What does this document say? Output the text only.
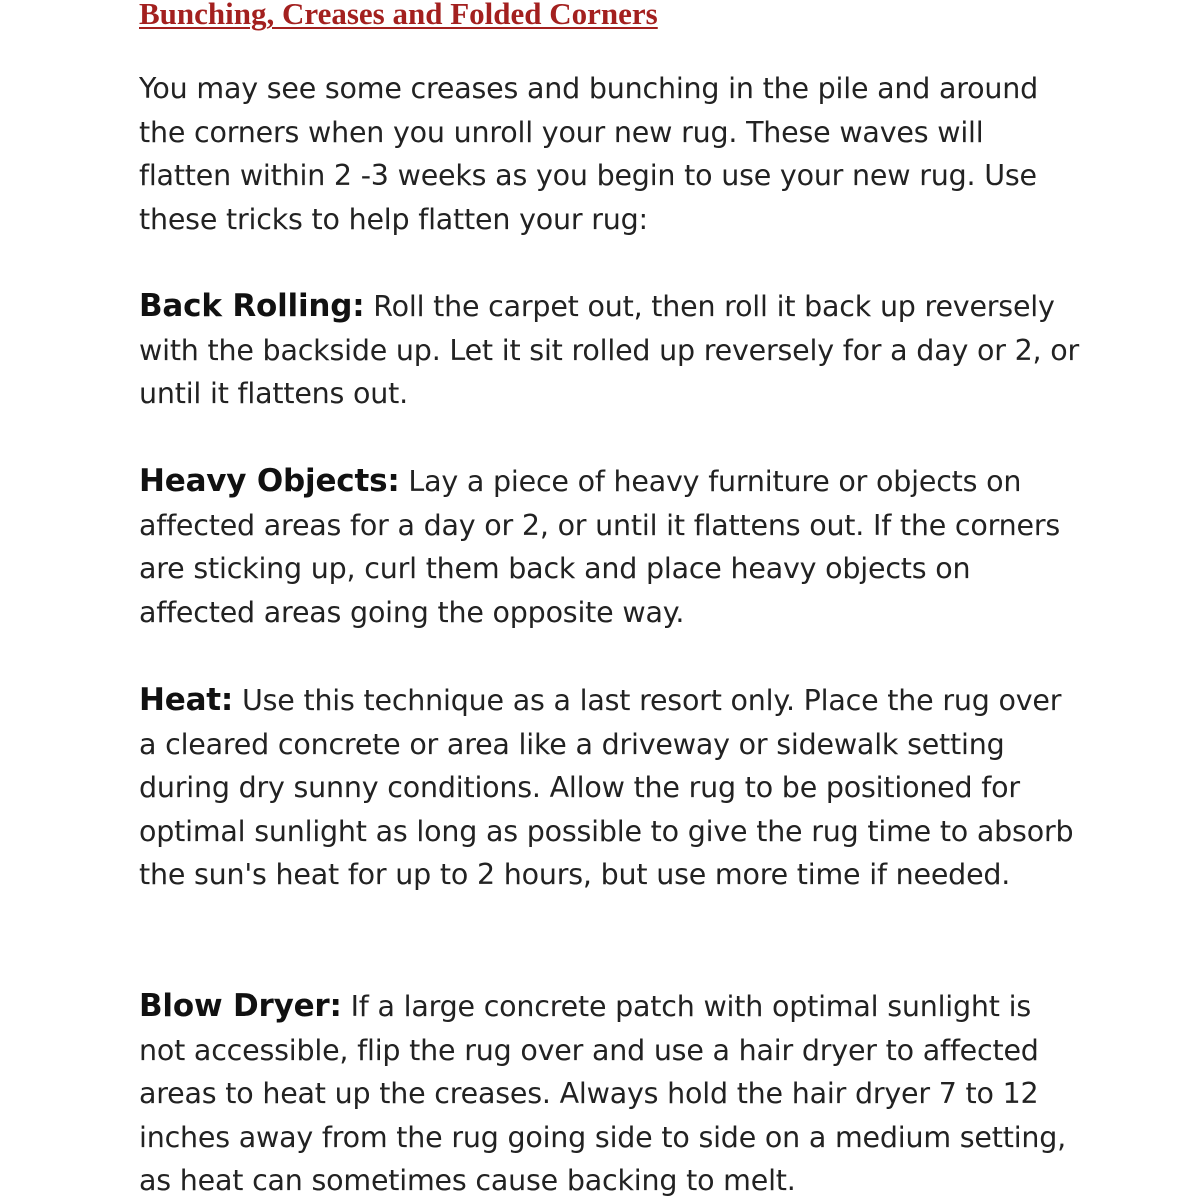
Bunching, Creases and Folded Corners

You may see some creases and bunching in the pile and around the corners when you unroll your new rug. These waves will flatten within 2 -3 weeks as you begin to use your new rug. Use these tricks to help flatten your rug:

Back Rolling: Roll the carpet out, then roll it back up reversely with the backside up. Let it sit rolled up reversely for a day or 2, or until it flattens out.

Heavy Objects: Lay a piece of heavy furniture or objects on affected areas for a day or 2, or until it flattens out. If the corners are sticking up, curl them back and place heavy objects on affected areas going the opposite way.

Heat: Use this technique as a last resort only. Place the rug over a cleared concrete or area like a driveway or sidewalk setting during dry sunny conditions. Allow the rug to be positioned for optimal sunlight as long as possible to give the rug time to absorb the sun's heat for up to 2 hours, but use more time if needed.

Blow Dryer: If a large concrete patch with optimal sunlight is not accessible, flip the rug over and use a hair dryer to affected areas to heat up the creases. Always hold the hair dryer 7 to 12 inches away from the rug going side to side on a medium setting, as heat can sometimes cause backing to melt.
